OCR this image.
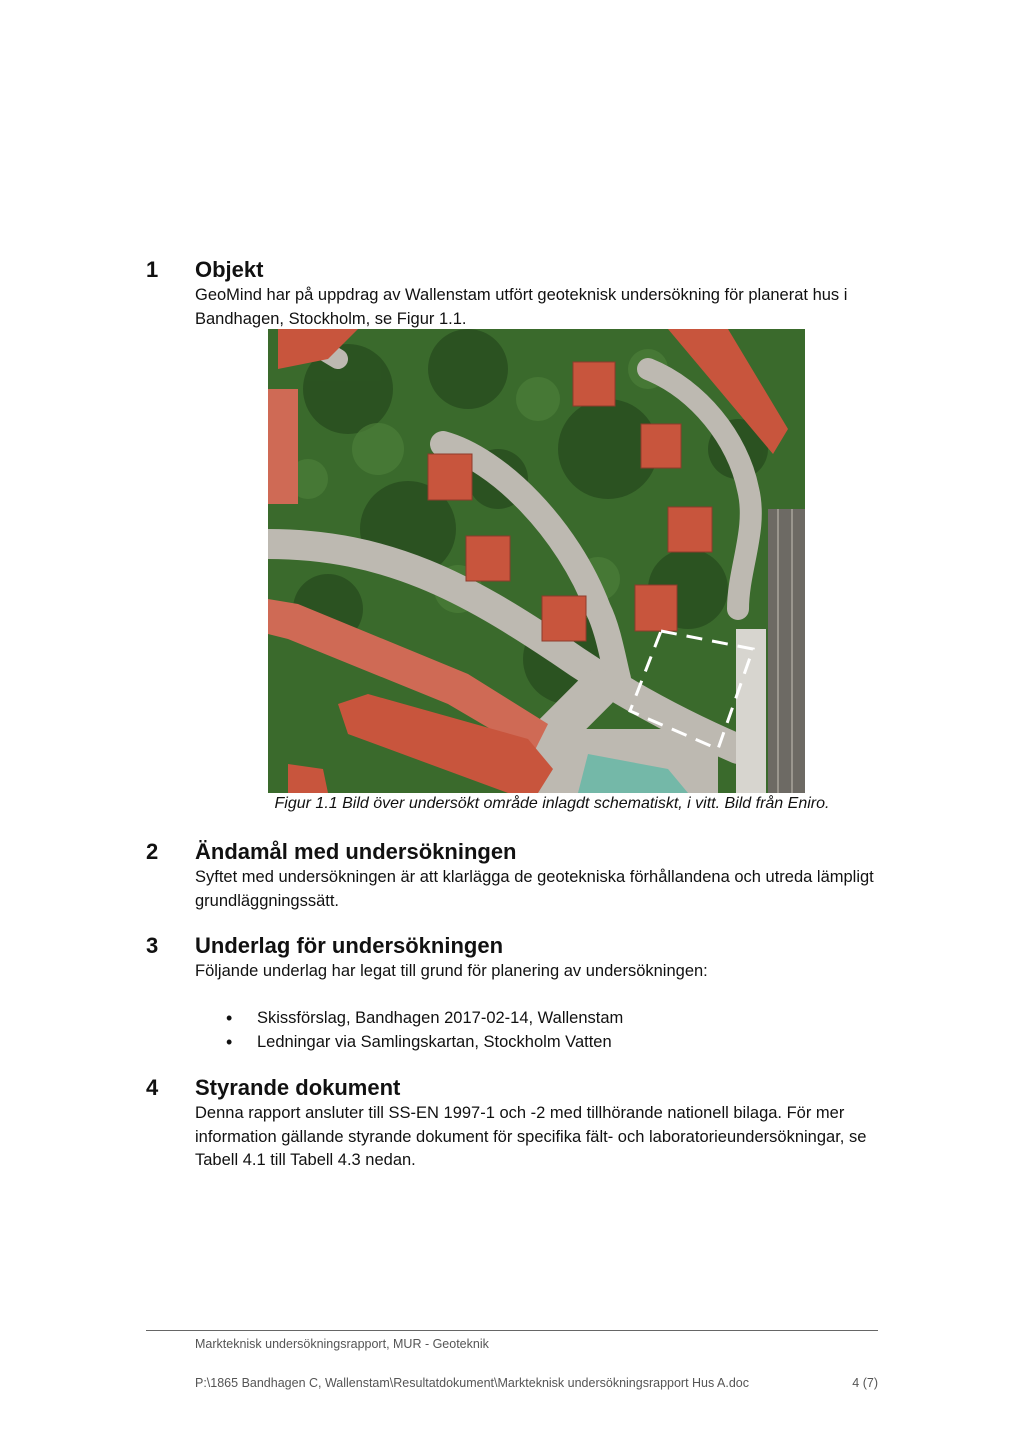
1 Objekt
GeoMind har på uppdrag av Wallenstam utfört geoteknisk undersökning för planerat hus i Bandhagen, Stockholm, se Figur 1.1.
Figur 1.1 Bild över undersökt område inlagdt schematiskt, i vitt. Bild från Eniro.
2 Ändamål med undersökningen
Syftet med undersökningen är att klarlägga de geotekniska förhållandena och utreda lämpligt grundläggningssätt.
3 Underlag för undersökningen
Följande underlag har legat till grund för planering av undersökningen:
• Skissförslag, Bandhagen 2017-02-14, Wallenstam
• Ledningar via Samlingskartan, Stockholm Vatten
4 Styrande dokument
Denna rapport ansluter till SS-EN 1997-1 och -2 med tillhörande nationell bilaga. För mer information gällande styrande dokument för specifika fält- och laboratorieundersökningar, se Tabell 4.1 till Tabell 4.3 nedan.
Markteknisk undersökningsrapport, MUR - Geoteknik
P:\1865 Bandhagen C, Wallenstam\Resultatdokument\Markteknisk undersökningsrapport Hus A.doc	4 (7)
